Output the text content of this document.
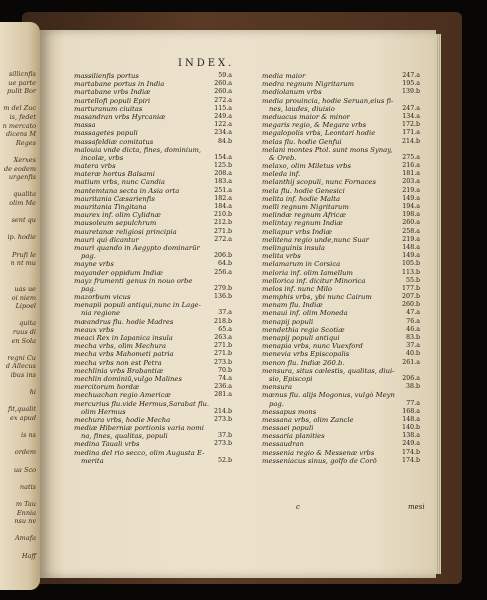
sillicnfis
ue parte
pulit Bor
m del Zuc
is, fedet
n mercato
dicens M
Reges
Xerxes
de eodem
urgenfis
qualita
olim Me
sent qu
ip. hodie
Prufi le
n nt mu
uas ue
oi niem
Lipoel
quita
ruus di
en Sola
regni Cu
d Allecus
ibus ins
hi
fit,qualit
ex apud
is ns
ordem
ua Sco
natis
m Tau
Ennia
nsu nv
Amafa
Haff
INDEX.
massilienfis portus	59.a
martabane portus in India	260.a
martabane vrbs Indiæ	260.a
martellofi populi Epiri	272.a
marturanum ciuitas	115.a
masandran vrbs Hyrcaniæ	249.a
massa	122.a
massagetes populi	234.a
massafeldiæ comitatus	84.b
malouia vnde dicta, fines, dominium,
incolæ, vrbs	154.a
matera vrbs	125.b
materæ hortus Balsami	208.a
matium vrbs, nunc Candia	183.a
mantemtana secta in Asia orta	251.a
mauritania Cæsarienfis	182.a
mauritania Tingitana	184.a
maurex inf. olim Cylidnæ	210.b
mausoleum sepulchrum	212.b
mauretanæ religiosi principia	271.b
mauri qui dicantur	272.a
mauri quando in Aegypto dominarūr
pag.	206.b
mayne vrbs	64.b
mayander oppidum Indiæ	256.a
mayz frumenti genus in nouo orbe
pag.	279.b
mazorbum vicus	136.b
menapii populi antiqui,nunc in Lage-
nia regione	37.a
mæandrus flu. hodie Madres	218.b
meaux vrbs	65.a
meaci Rex in Iapanica insula	263.a
mecha vrbs, olim Mechura	271.b
mecha vrbs Mahometi patria	271.b
mecha vrbs non est Petra	273.b
mechlinia vrbs Brabantiæ	70.b
mechlin dominiū,vulgo Malines	74.a
mercitorum hordæ	236.a
mechuachan regio Americæ	281.a
mercurius flu.vide Hermus,Sarabat flu.
olim Hermus	214.b
mechura vrbs, hodie Mecha	273.b
mediæ Hiberniæ portionis varia nomi
na, fines, qualitas, populi	37.b
medina Tauali vrbs	273.b
medina del rio secco, olim Augusta E-
merita	52.b
media maior	247.a
medra regnum Nigritarum	195.a
mediolanum vrbs	139.b
media prouincia, hodie Seruan,eius fi-
nes, laudes, diuisio	247.a
meduacus maior & minor	134.a
megaris regio, & Megara vrbs	172.b
megalopolis vrbs, Leontari hodie	171.a
melas flu. hodie Genfui	214.b
melani montes Ptol. sunt mons Synay,
& Oreb.	275.a
melaxo, olim Miletus vrbs	216.a
meleda inf.	181.a
melanthij scopuli, nunc Fornaces	203.a
mela flu. hodie Genesici	219.a
melita inf. hodie Malta	149.a
melli regnum Nigritarum	194.a
melindæ regnum Africæ	198.a
melintay regnum Indiæ	260.a
meliapur vrbs Indiæ	258.a
melitena regio unde,nunc Suar	219.a
melinguinis insula	148.a
melita vrbs	149.a
melamarum in Corsica	105.b
meloria inf. olim Iamellum	113.b
mellorica inf. dicitur Minorica	55.b
melos inf. nunc Milo	177.b
memphis vrbs, ybi nunc Cairum	207.b
menam flu. Indiæ	260.b
menaui inf. olim Moneda	47.a
menapij populi	76.a
mendethia regio Scotiæ	46.a
menapij populi antiqui	83.b
menapia vrbs, nunc Vuexford	37.a
menevia vrbs Episcopalis	40.b
menon flu. Indiæ 260.b.	261.a
mensura, situs cælestis, qualitas, diui-
sio, Episcopi	206.a
mensura	38.b
mænus flu. alijs Mogonus, vulgò Meyn
pag.	77.a
messapus mons	168.a
messana vrbs, olim Zancle	148.a
messaei populi	140.b
messaria planities	138.a
messaudran	249.a
messenia regio & Messenæ vrbs	174.b
messeniacus sinus, golfo de Corō	174.b
c	mesi
